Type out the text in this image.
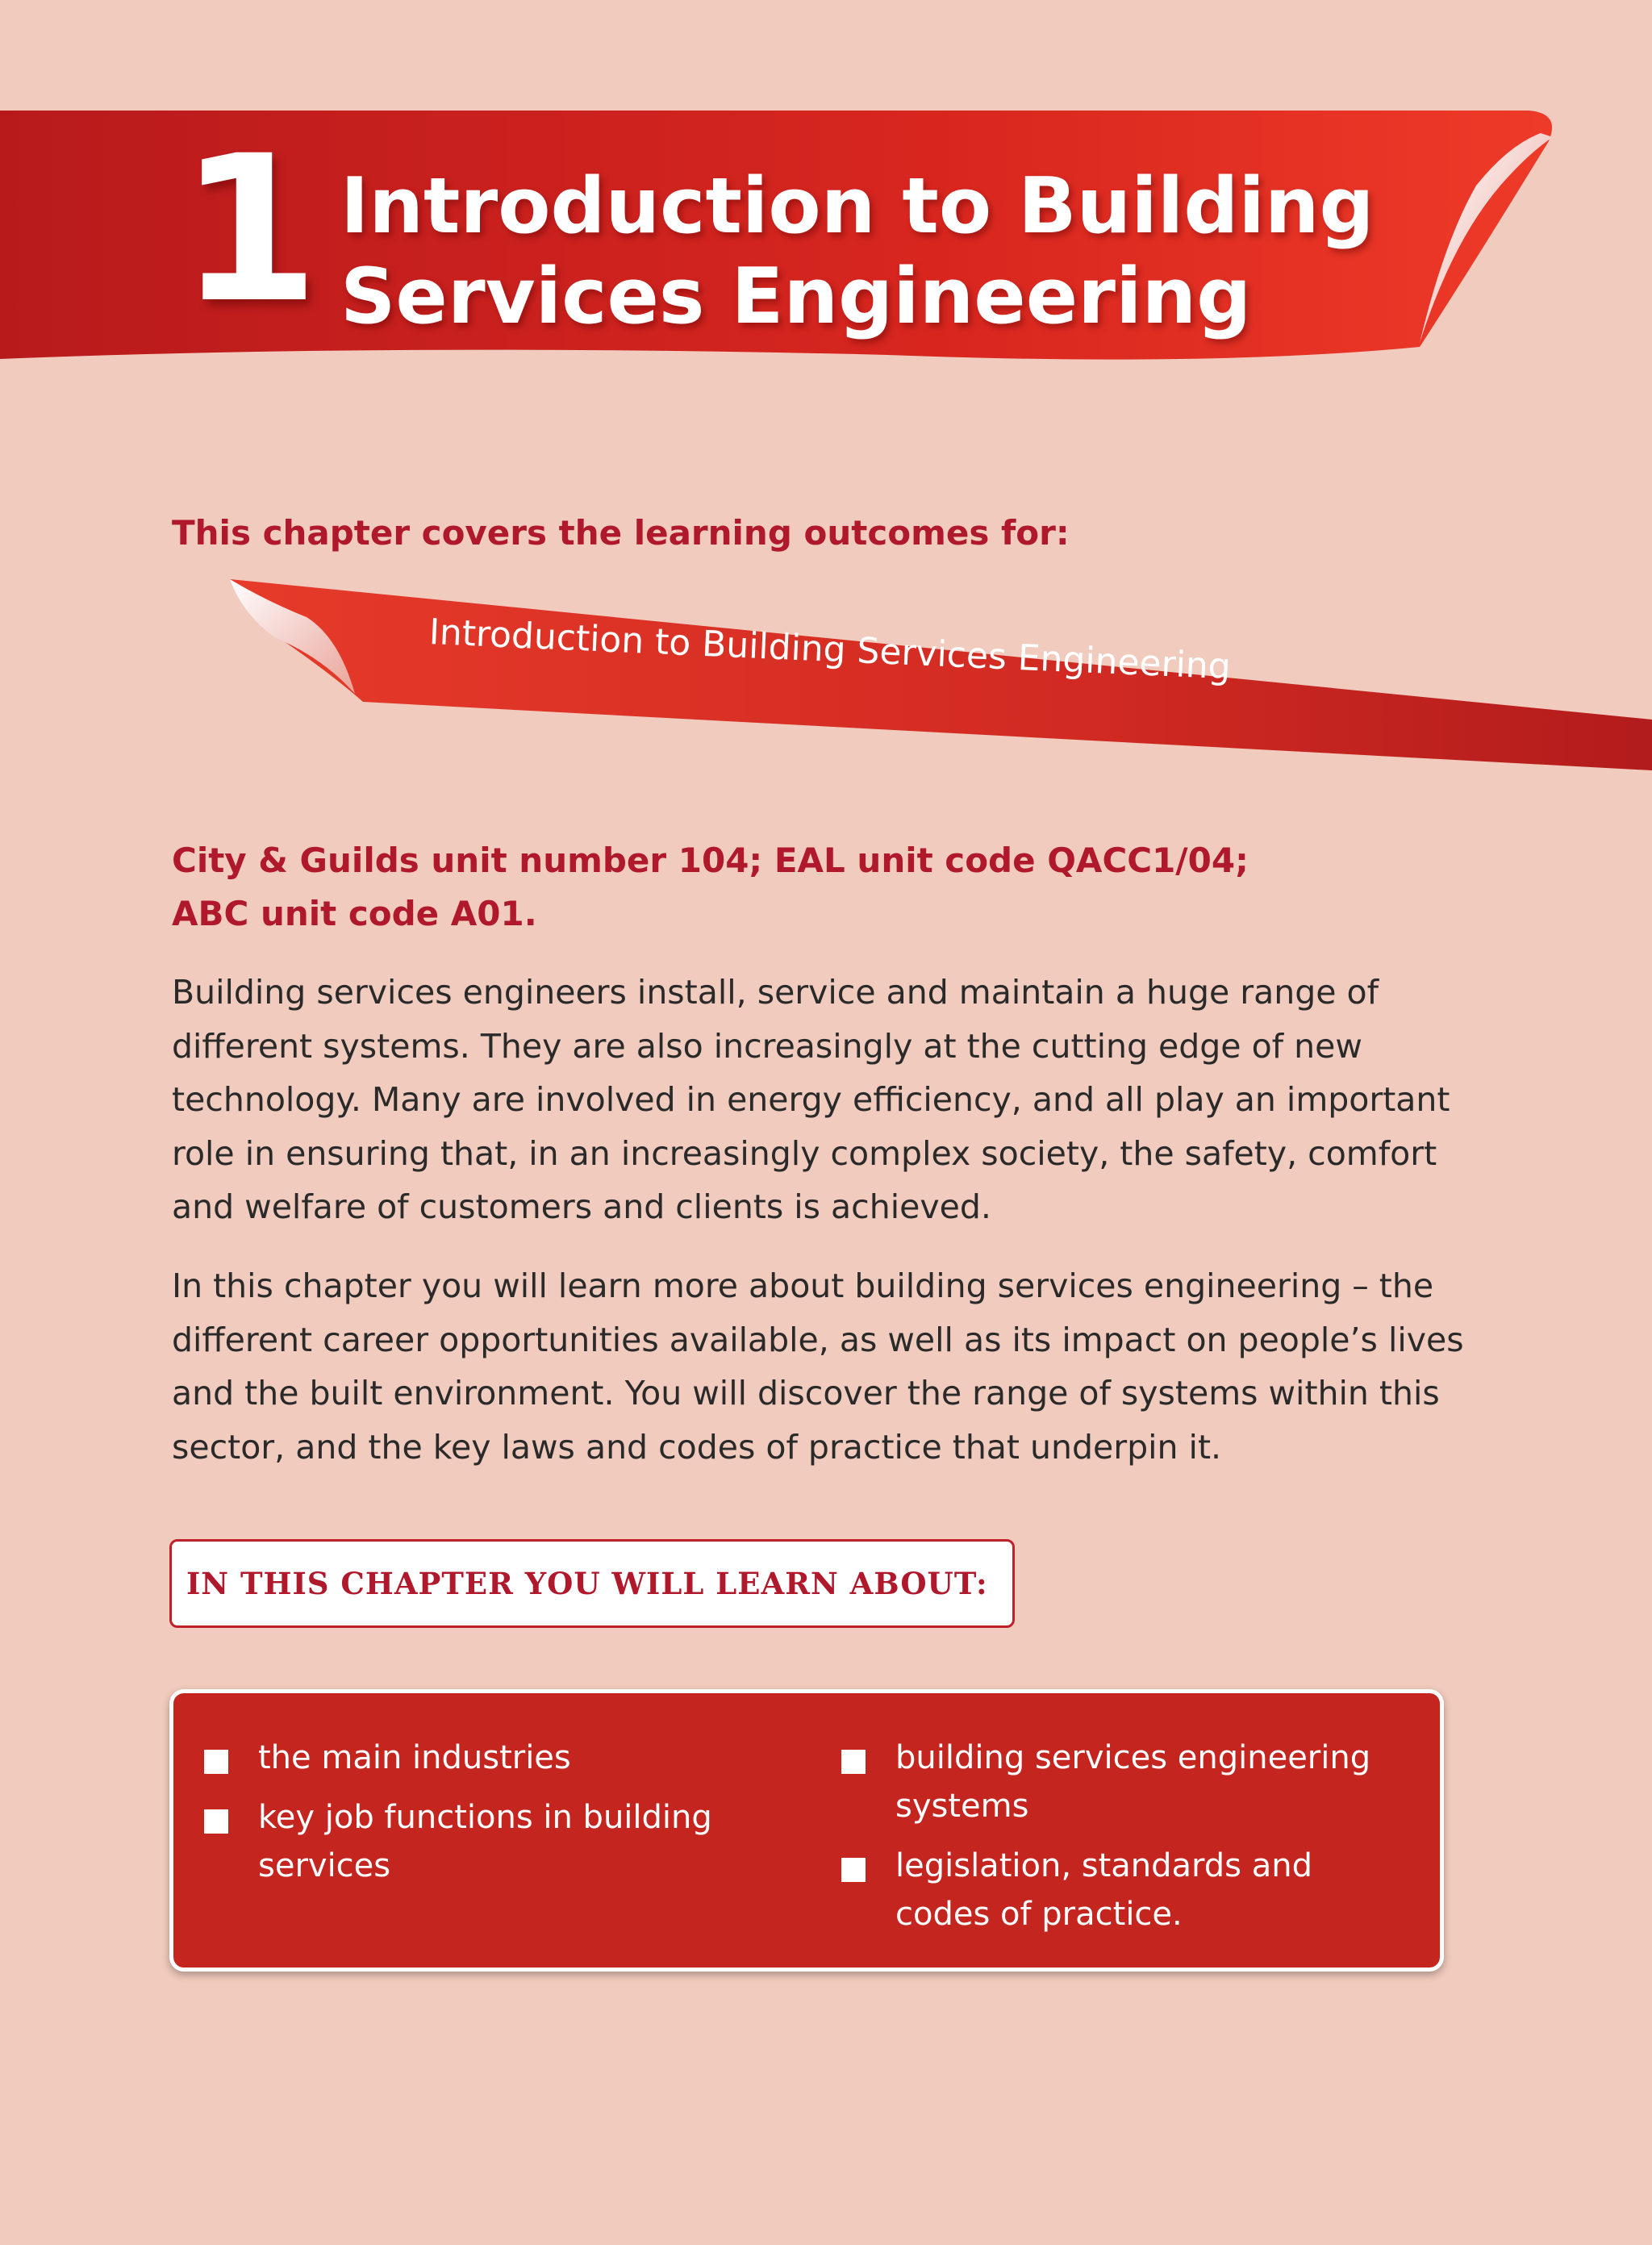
1 Introduction to Building
Services Engineering
This chapter covers the learning outcomes for:
Introduction to Building Services Engineering
City & Guilds unit number 104; EAL unit code QACC1/04;
ABC unit code A01.
Building services engineers install, service and maintain a huge range of different systems. They are also increasingly at the cutting edge of new technology. Many are involved in energy efficiency, and all play an important role in ensuring that, in an increasingly complex society, the safety, comfort and welfare of customers and clients is achieved.
In this chapter you will learn more about building services engineering – the different career opportunities available, as well as its impact on people’s lives and the built environment. You will discover the range of systems within this sector, and the key laws and codes of practice that underpin it.
IN THIS CHAPTER YOU WILL LEARN ABOUT:
the main industries
key job functions in building services
building services engineering systems
legislation, standards and codes of practice.
